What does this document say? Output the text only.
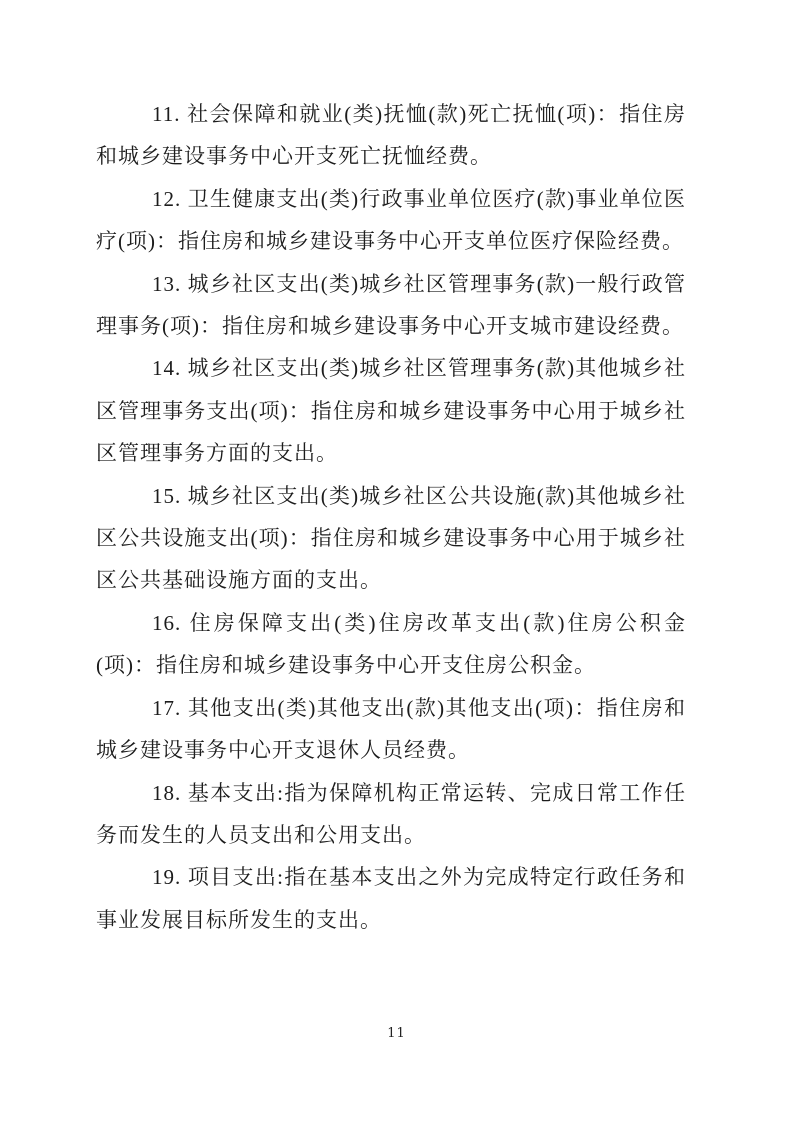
11. 社会保障和就业(类)抚恤(款)死亡抚恤(项)：指住房和城乡建设事务中心开支死亡抚恤经费。

12. 卫生健康支出(类)行政事业单位医疗(款)事业单位医疗(项)：指住房和城乡建设事务中心开支单位医疗保险经费。

13. 城乡社区支出(类)城乡社区管理事务(款)一般行政管理事务(项)：指住房和城乡建设事务中心开支城市建设经费。

14. 城乡社区支出(类)城乡社区管理事务(款)其他城乡社区管理事务支出(项)：指住房和城乡建设事务中心用于城乡社区管理事务方面的支出。

15. 城乡社区支出(类)城乡社区公共设施(款)其他城乡社区公共设施支出(项)：指住房和城乡建设事务中心用于城乡社区公共基础设施方面的支出。

16. 住房保障支出(类)住房改革支出(款)住房公积金(项)：指住房和城乡建设事务中心开支住房公积金。

17. 其他支出(类)其他支出(款)其他支出(项)：指住房和城乡建设事务中心开支退休人员经费。

18. 基本支出:指为保障机构正常运转、完成日常工作任务而发生的人员支出和公用支出。

19. 项目支出:指在基本支出之外为完成特定行政任务和事业发展目标所发生的支出。

11
